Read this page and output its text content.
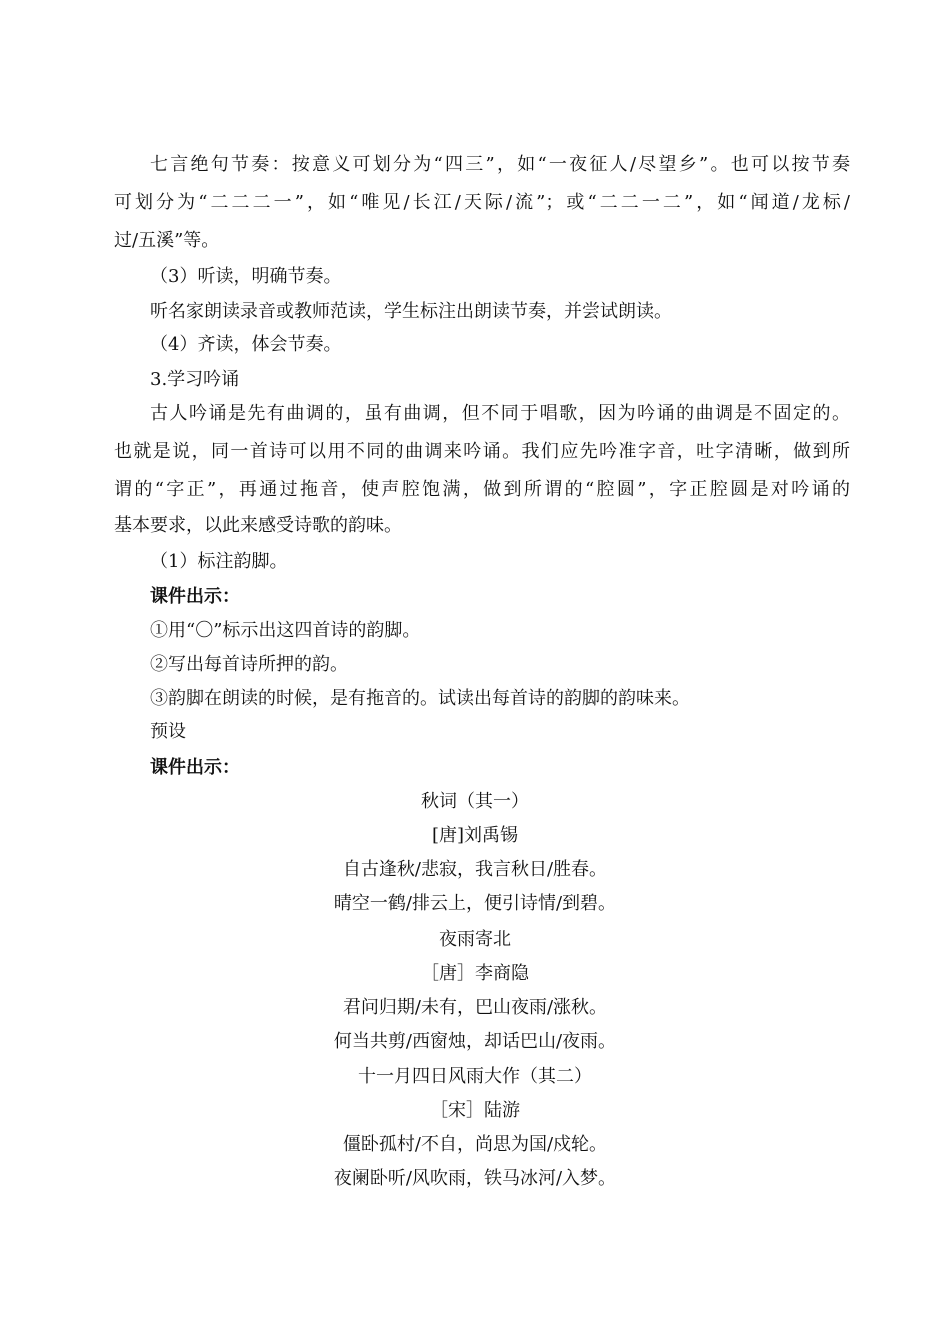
七言绝句节奏：按意义可划分为“四三”，如“一夜征人/尽望乡”。也可以按节奏
可划分为“二二二一”，如“唯见/长江/天际/流”；或“二二一二”，如“闻道/龙标/
过/五溪”等。
（3）听读，明确节奏。
听名家朗读录音或教师范读，学生标注出朗读节奏，并尝试朗读。
（4）齐读，体会节奏。
3.学习吟诵
古人吟诵是先有曲调的，虽有曲调，但不同于唱歌，因为吟诵的曲调是不固定的。
也就是说，同一首诗可以用不同的曲调来吟诵。我们应先吟准字音，吐字清晰，做到所
谓的“字正”，再通过拖音，使声腔饱满，做到所谓的“腔圆”，字正腔圆是对吟诵的
基本要求，以此来感受诗歌的韵味。
（1）标注韵脚。
课件出示：
①用“〇”标示出这四首诗的韵脚。
②写出每首诗所押的韵。
③韵脚在朗读的时候，是有拖音的。试读出每首诗的韵脚的韵味来。
预设
课件出示：
秋词（其一）
[唐]刘禹锡
自古逢秋/悲寂，我言秋日/胜春。
晴空一鹤/排云上，便引诗情/到碧。
夜雨寄北
［唐］李商隐
君问归期/未有，巴山夜雨/涨秋。
何当共剪/西窗烛，却话巴山/夜雨。
十一月四日风雨大作（其二）
［宋］陆游
僵卧孤村/不自，尚思为国/戍轮。
夜阑卧听/风吹雨，铁马冰河/入梦。
